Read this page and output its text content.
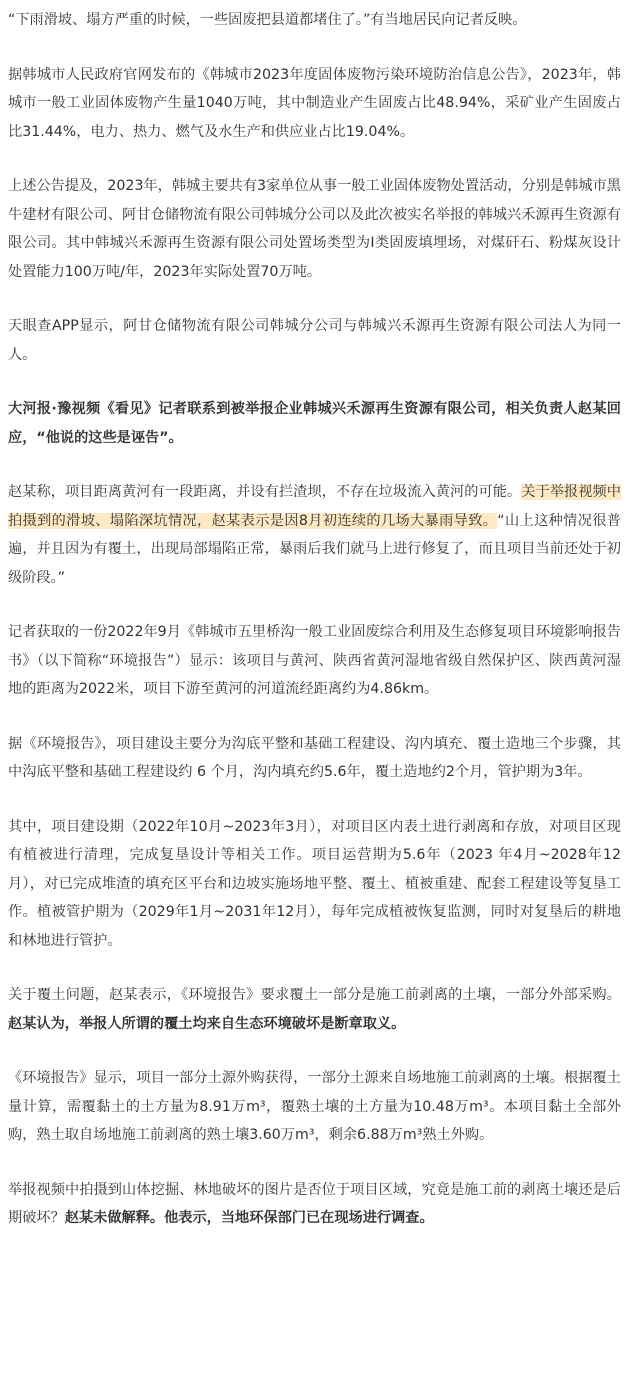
“下雨滑坡、塌方严重的时候，一些固废把县道都堵住了。”有当地居民向记者反映。

据韩城市人民政府官网发布的《韩城市2023年度固体废物污染环境防治信息公告》，2023年，韩城市一般工业固体废物产生量1040万吨，其中制造业产生固废占比48.94%，采矿业产生固废占比31.44%，电力、热力、燃气及水生产和供应业占比19.04%。

上述公告提及，2023年，韩城主要共有3家单位从事一般工业固体废物处置活动，分别是韩城市黑牛建材有限公司、阿甘仓储物流有限公司韩城分公司以及此次被实名举报的韩城兴禾源再生资源有限公司。其中韩城兴禾源再生资源有限公司处置场类型为Ⅰ类固废填埋场，对煤矸石、粉煤灰设计处置能力100万吨/年，2023年实际处置70万吨。

天眼查APP显示，阿甘仓储物流有限公司韩城分公司与韩城兴禾源再生资源有限公司法人为同一人。

大河报·豫视频《看见》记者联系到被举报企业韩城兴禾源再生资源有限公司，相关负责人赵某回应，“他说的这些是诬告”。

赵某称，项目距离黄河有一段距离，并设有拦渣坝，不存在垃圾流入黄河的可能。关于举报视频中拍摄到的滑坡、塌陷深坑情况，赵某表示是因8月初连续的几场大暴雨导致。“山上这种情况很普遍，并且因为有覆土，出现局部塌陷正常，暴雨后我们就马上进行修复了，而且项目当前还处于初级阶段。”

记者获取的一份2022年9月《韩城市五里桥沟一般工业固废综合利用及生态修复项目环境影响报告书》（以下简称“环境报告”）显示：该项目与黄河、陕西省黄河湿地省级自然保护区、陕西黄河湿地的距离为2022米，项目下游至黄河的河道流经距离约为4.86km。

据《环境报告》，项目建设主要分为沟底平整和基础工程建设、沟内填充、覆土造地三个步骤，其中沟底平整和基础工程建设约 6 个月，沟内填充约5.6年，覆土造地约2个月，管护期为3年。

其中，项目建设期（2022年10月~2023年3月），对项目区内表土进行剥离和存放，对项目区现有植被进行清理，完成复垦设计等相关工作。项目运营期为5.6年（2023 年4月~2028年12月），对已完成堆渣的填充区平台和边坡实施场地平整、覆土、植被重建、配套工程建设等复垦工作。植被管护期为（2029年1月~2031年12月），每年完成植被恢复监测，同时对复垦后的耕地和林地进行管护。

关于覆土问题，赵某表示，《环境报告》要求覆土一部分是施工前剥离的土壤，一部分外部采购。赵某认为，举报人所谓的覆土均来自生态环境破坏是断章取义。

《环境报告》显示，项目一部分土源外购获得，一部分土源来自场地施工前剥离的土壤。根据覆土量计算，需覆黏土的土方量为8.91万m³，覆熟土壤的土方量为10.48万m³。本项目黏土全部外购，熟土取自场地施工前剥离的熟土壤3.60万m³，剩余6.88万m³熟土外购。

举报视频中拍摄到山体挖掘、林地破坏的图片是否位于项目区域，究竟是施工前的剥离土壤还是后期破坏？赵某未做解释。他表示，当地环保部门已在现场进行调查。
